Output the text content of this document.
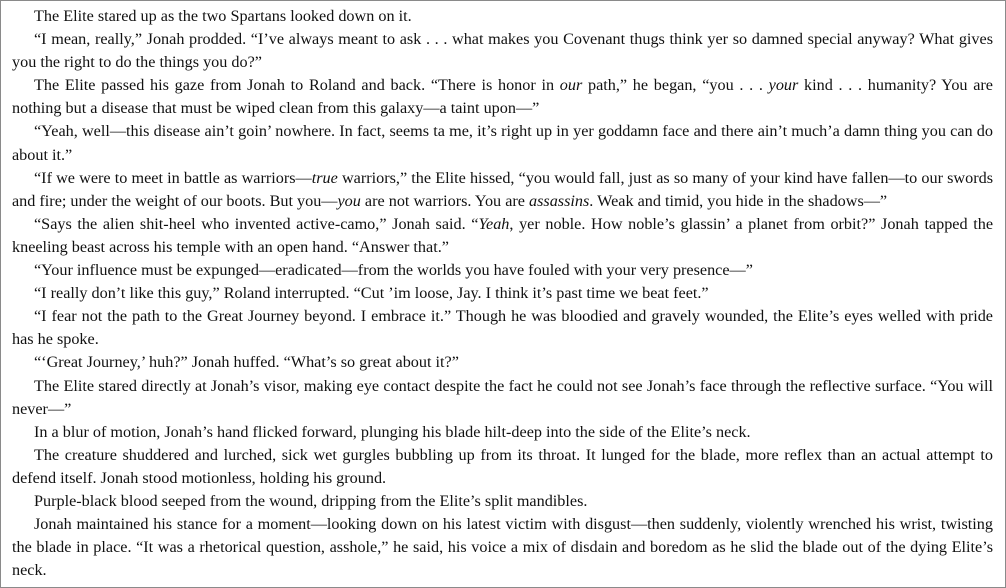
The Elite stared up as the two Spartans looked down on it.

“I mean, really,” Jonah prodded. “I’ve always meant to ask . . . what makes you Covenant thugs think yer so damned special anyway? What gives you the right to do the things you do?”

The Elite passed his gaze from Jonah to Roland and back. “There is honor in our path,” he began, “you . . . your kind . . . humanity? You are nothing but a disease that must be wiped clean from this galaxy—a taint upon—”

“Yeah, well—this disease ain’t goin’ nowhere. In fact, seems ta me, it’s right up in yer goddamn face and there ain’t much’a damn thing you can do about it.”

“If we were to meet in battle as warriors—true warriors,” the Elite hissed, “you would fall, just as so many of your kind have fallen—to our swords and fire; under the weight of our boots. But you—you are not warriors. You are assassins. Weak and timid, you hide in the shadows—”

“Says the alien shit-heel who invented active-camo,” Jonah said. “Yeah, yer noble. How noble’s glassin’ a planet from orbit?” Jonah tapped the kneeling beast across his temple with an open hand. “Answer that.”

“Your influence must be expunged—eradicated—from the worlds you have fouled with your very presence—”

“I really don’t like this guy,” Roland interrupted. “Cut ’im loose, Jay. I think it’s past time we beat feet.”

“I fear not the path to the Great Journey beyond. I embrace it.” Though he was bloodied and gravely wounded, the Elite’s eyes welled with pride has he spoke.

“‘Great Journey,’ huh?” Jonah huffed. “What’s so great about it?”

The Elite stared directly at Jonah’s visor, making eye contact despite the fact he could not see Jonah’s face through the reflective surface. “You will never—”

In a blur of motion, Jonah’s hand flicked forward, plunging his blade hilt-deep into the side of the Elite’s neck.

The creature shuddered and lurched, sick wet gurgles bubbling up from its throat. It lunged for the blade, more reflex than an actual attempt to defend itself. Jonah stood motionless, holding his ground.

Purple-black blood seeped from the wound, dripping from the Elite’s split mandibles.

Jonah maintained his stance for a moment—looking down on his latest victim with disgust—then suddenly, violently wrenched his wrist, twisting the blade in place. “It was a rhetorical question, asshole,” he said, his voice a mix of disdain and boredom as he slid the blade out of the dying Elite’s neck.
